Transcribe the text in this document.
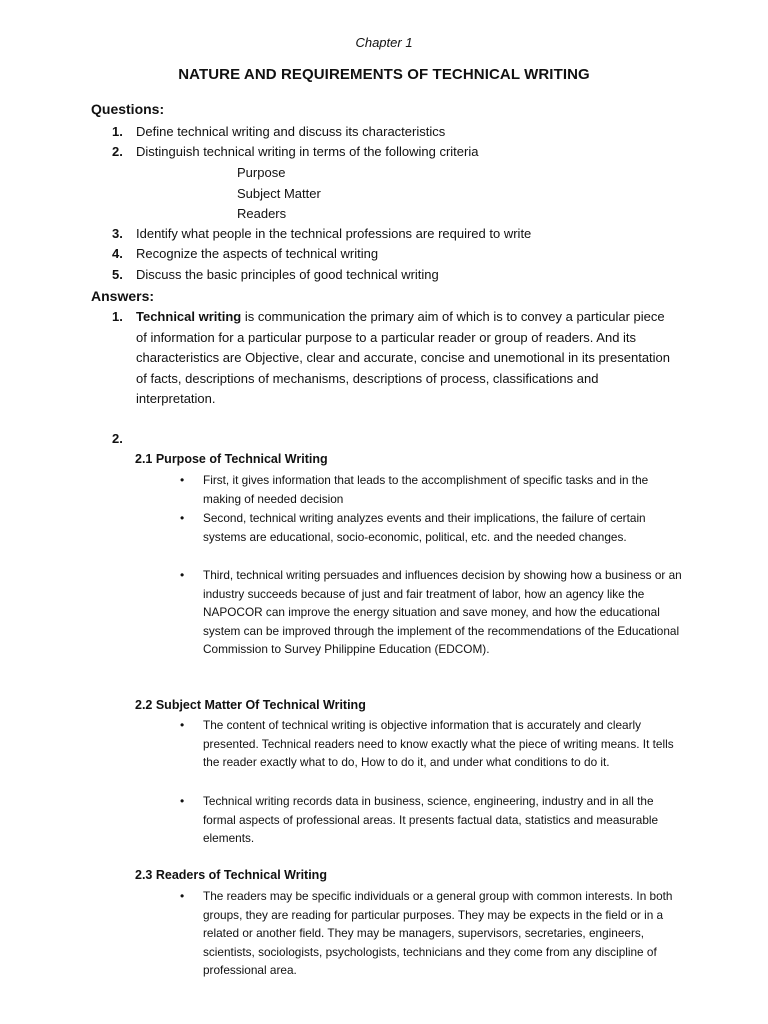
Chapter 1
NATURE AND REQUIREMENTS OF TECHNICAL WRITING
Questions:
1.	Define technical writing and discuss its characteristics
2.	Distinguish technical writing in terms of the following criteria
Purpose
Subject Matter
Readers
3.	Identify what people in the technical professions are required to write
4.	Recognize the aspects of technical writing
5.	Discuss the basic principles of good technical writing
Answers:
1. Technical writing is communication the primary aim of which is to convey a particular piece of information for a particular purpose to a particular reader or group of readers. And its characteristics are Objective, clear and accurate, concise and unemotional in its presentation of facts, descriptions of mechanisms, descriptions of process, classifications and interpretation.
2.
2.1 Purpose of Technical Writing
• First, it gives information that leads to the accomplishment of specific tasks and in the making of needed decision
• Second, technical writing analyzes events and their implications, the failure of certain systems are educational, socio-economic, political, etc. and the needed changes.
• Third, technical writing persuades and influences decision by showing how a business or an industry succeeds because of just and fair treatment of labor, how an agency like the NAPOCOR can improve the energy situation and save money, and how the educational system can be improved through the implement of the recommendations of the Educational Commission to Survey Philippine Education (EDCOM).
2.2 Subject Matter Of Technical Writing
• The content of technical writing is objective information that is accurately and clearly presented. Technical readers need to know exactly what the piece of writing means. It tells the reader exactly what to do, How to do it, and under what conditions to do it.
• Technical writing records data in business, science, engineering, industry and in all the formal aspects of professional areas. It presents factual data, statistics and measurable elements.
2.3 Readers of Technical Writing
• The readers may be specific individuals or a general group with common interests. In both groups, they are reading for particular purposes. They may be expects in the field or in a related or another field. They may be managers, supervisors, secretaries, engineers, scientists, sociologists, psychologists, technicians and they come from any discipline of professional area.
